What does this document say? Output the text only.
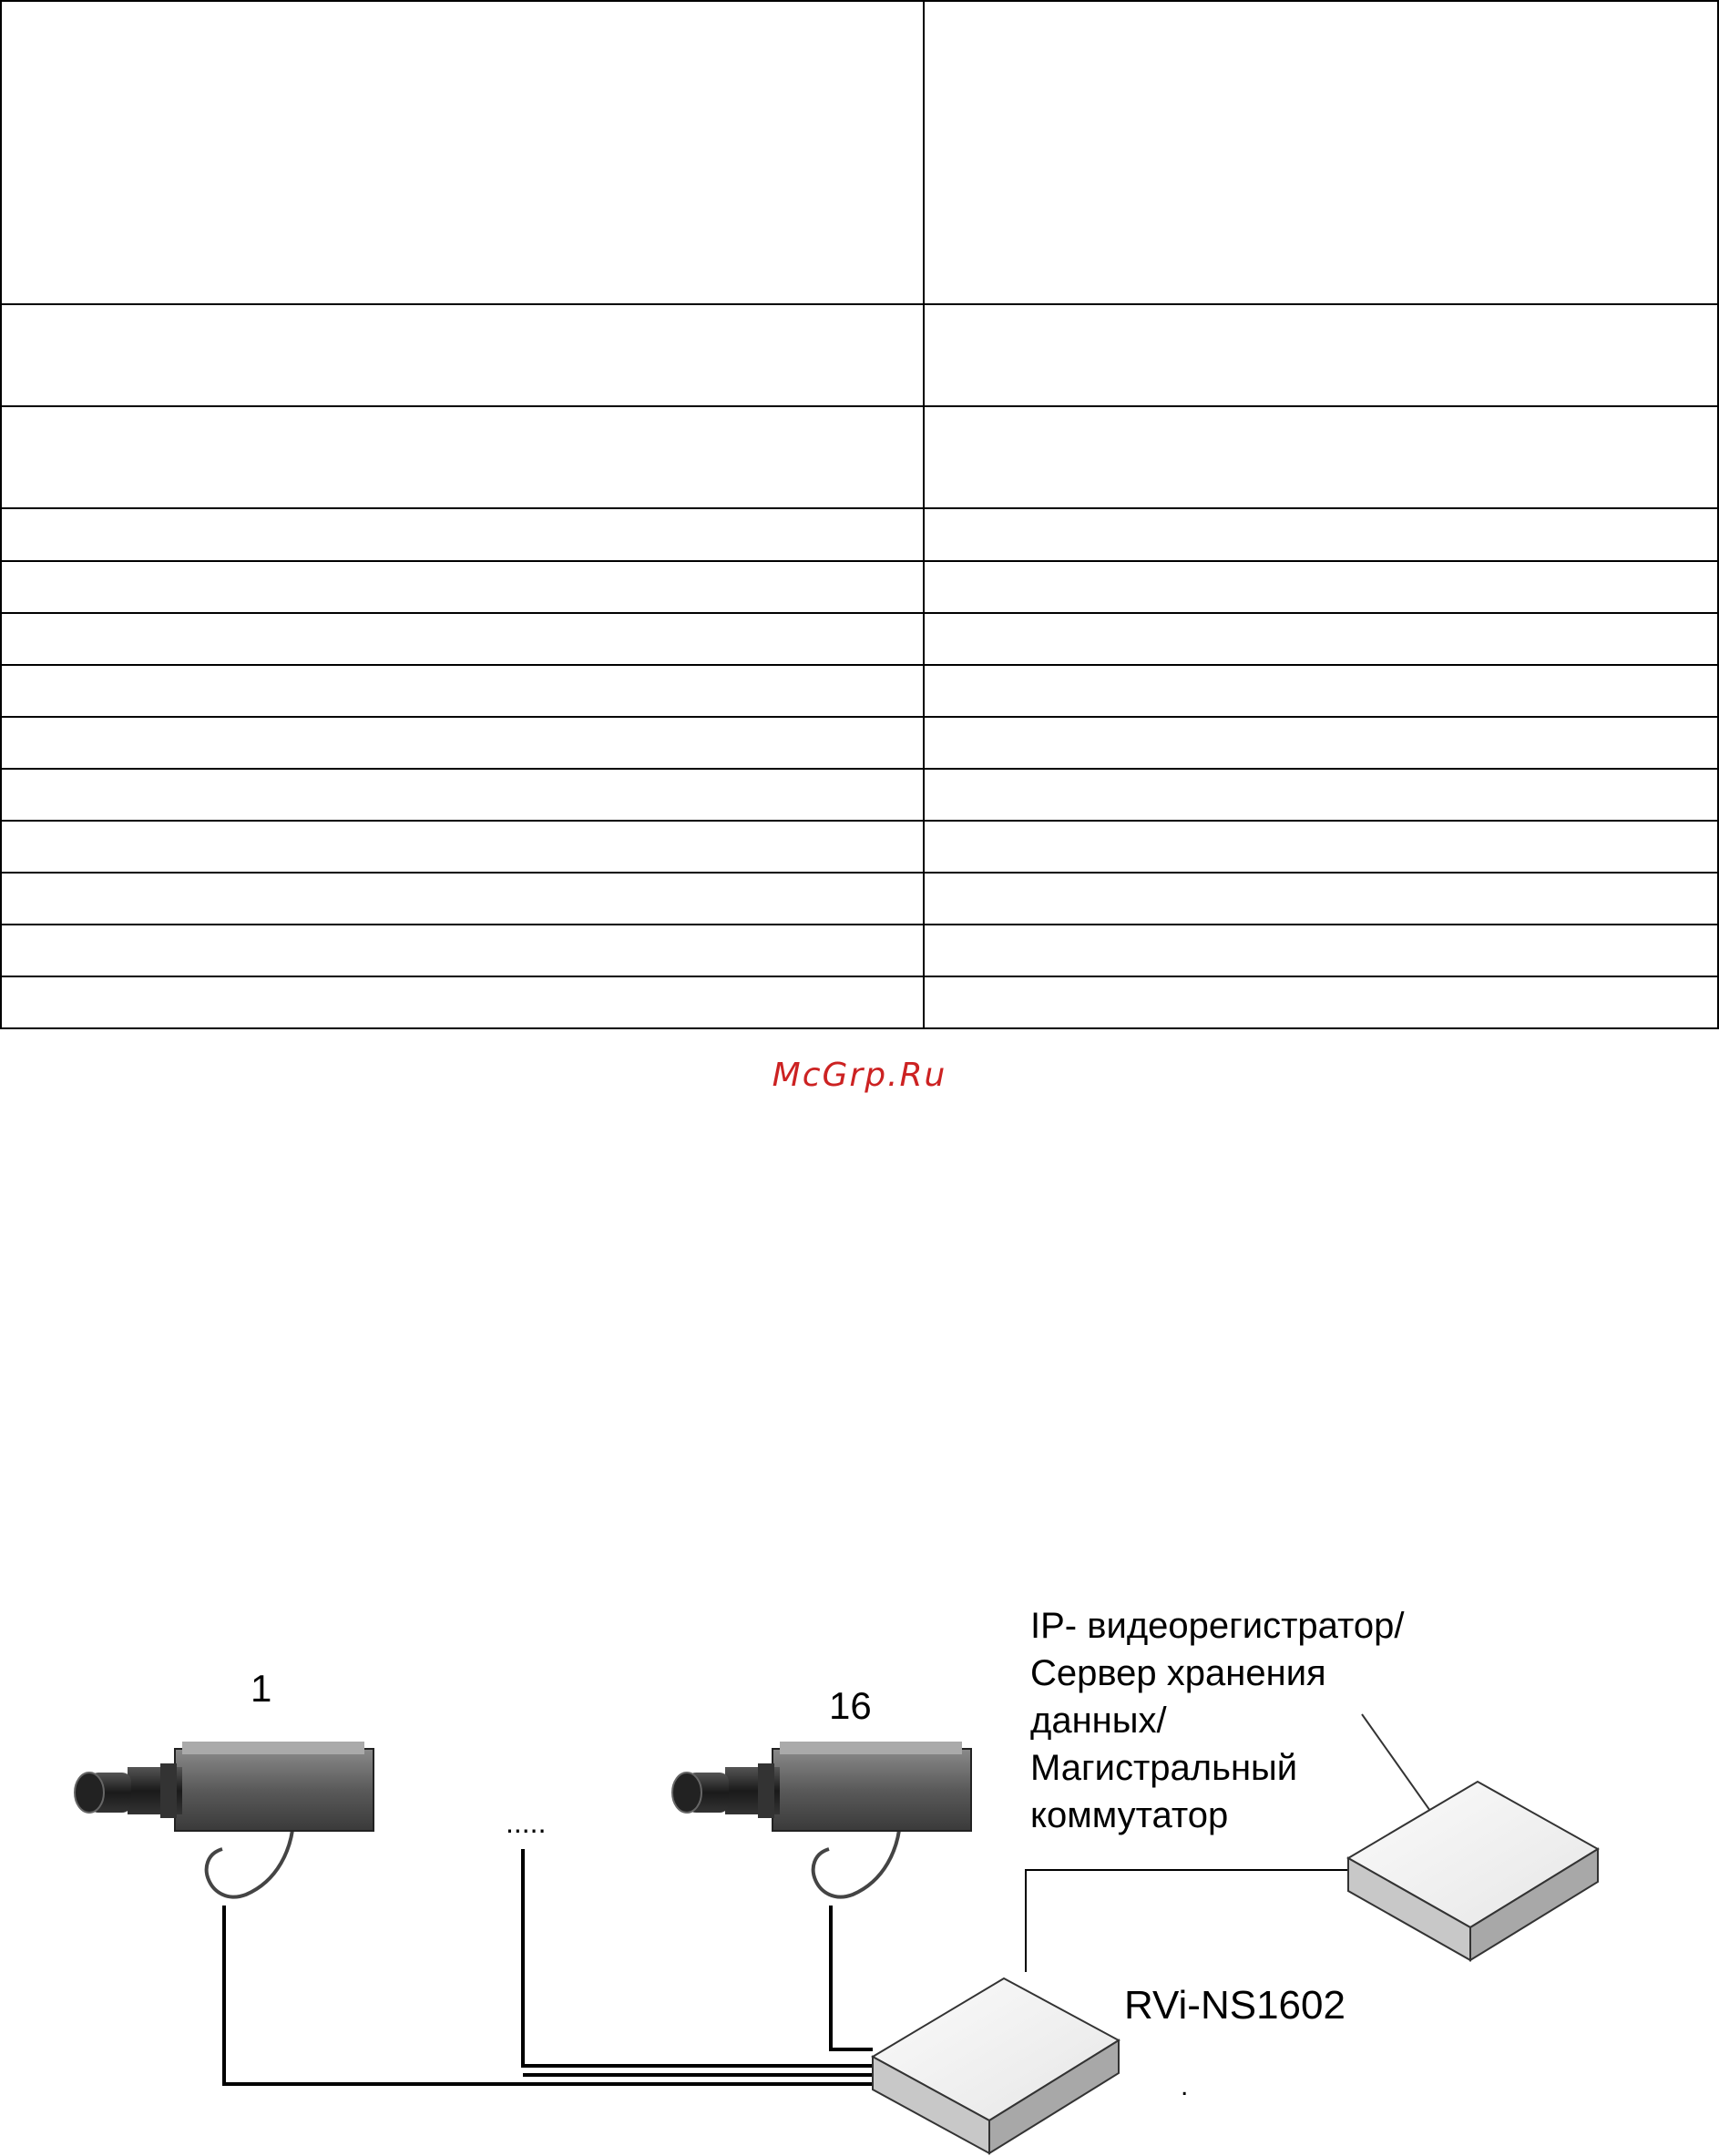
McGrp.Ru
1	16
.....
RVi-NS1602
.
IP- видеорегистратор/
Сервер хранения
данных/
Магистральный
коммутатор
